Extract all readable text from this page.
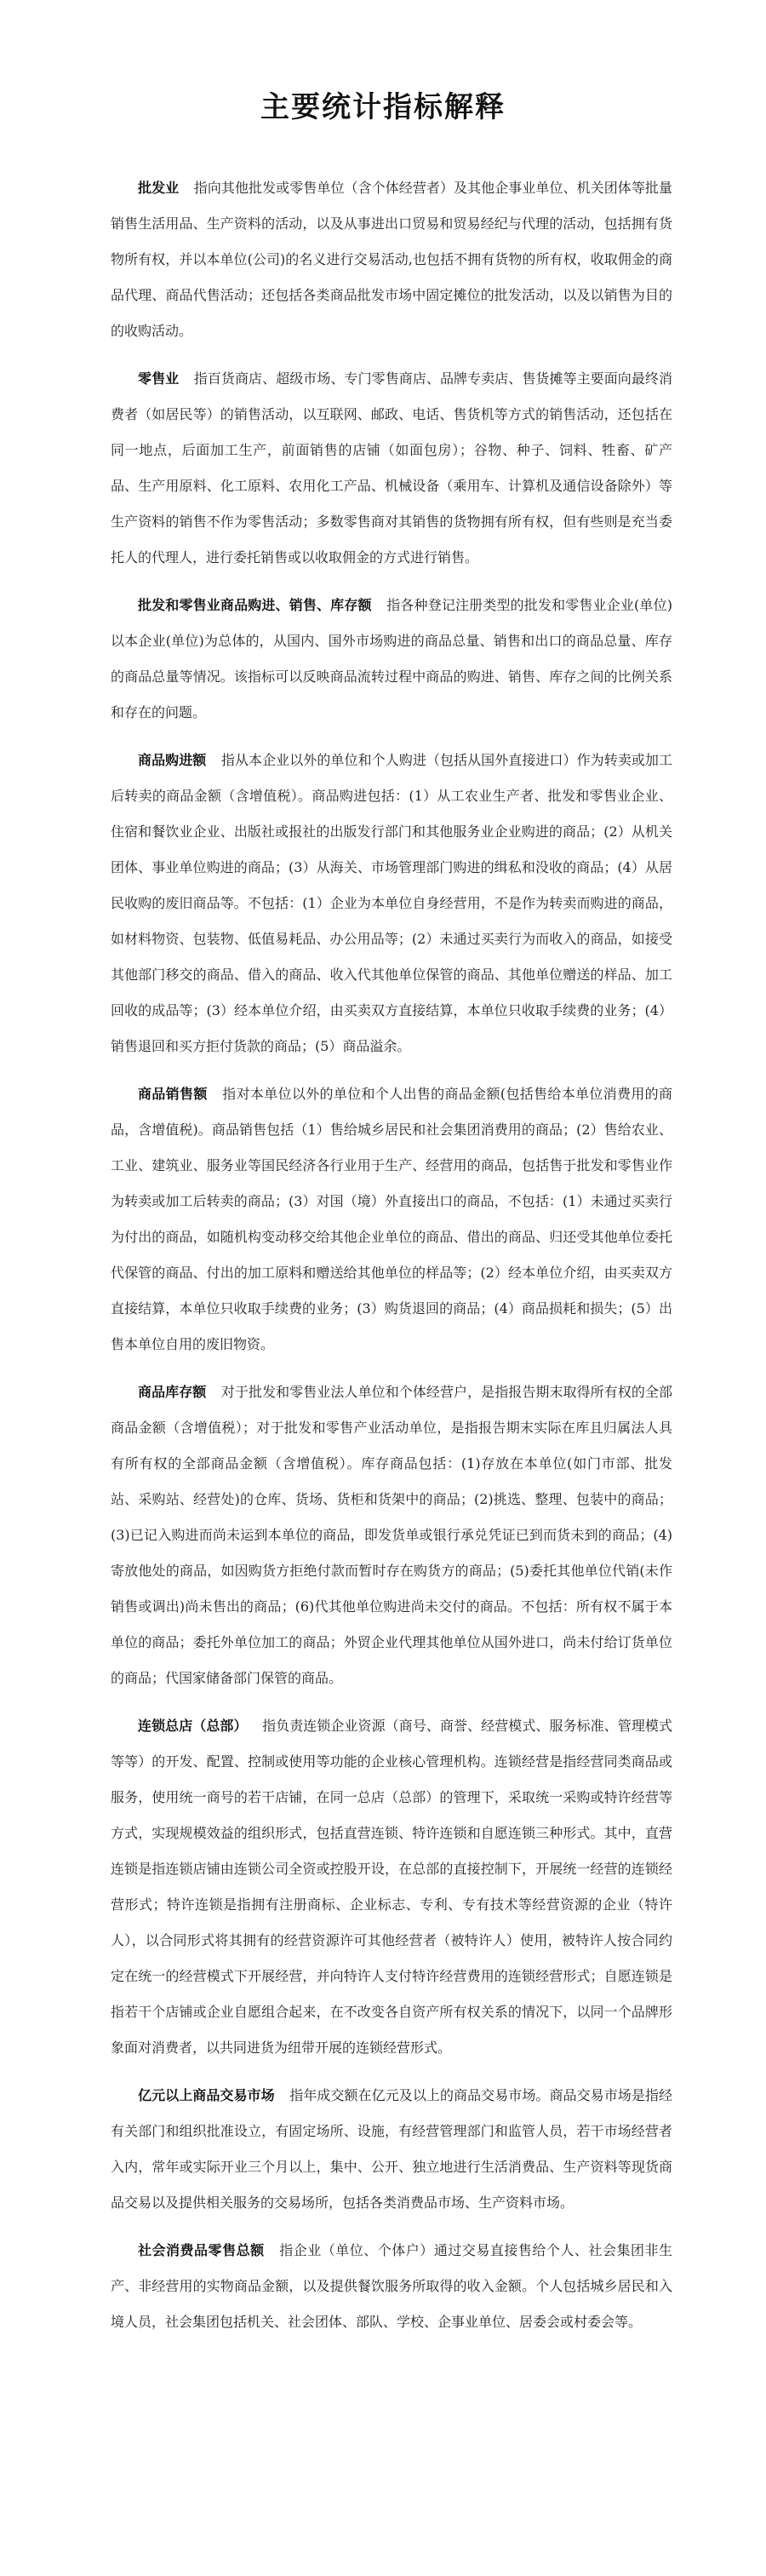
主要统计指标解释

批发业 指向其他批发或零售单位（含个体经营者）及其他企事业单位、机关团体等批量销售生活用品、生产资料的活动，以及从事进出口贸易和贸易经纪与代理的活动，包括拥有货物所有权，并以本单位(公司)的名义进行交易活动,也包括不拥有货物的所有权，收取佣金的商品代理、商品代售活动；还包括各类商品批发市场中固定摊位的批发活动，以及以销售为目的的收购活动。

零售业 指百货商店、超级市场、专门零售商店、品牌专卖店、售货摊等主要面向最终消费者（如居民等）的销售活动，以互联网、邮政、电话、售货机等方式的销售活动，还包括在同一地点，后面加工生产，前面销售的店铺（如面包房）；谷物、种子、饲料、牲畜、矿产品、生产用原料、化工原料、农用化工产品、机械设备（乘用车、计算机及通信设备除外）等生产资料的销售不作为零售活动；多数零售商对其销售的货物拥有所有权，但有些则是充当委托人的代理人，进行委托销售或以收取佣金的方式进行销售。

批发和零售业商品购进、销售、库存额 指各种登记注册类型的批发和零售业企业(单位)以本企业(单位)为总体的，从国内、国外市场购进的商品总量、销售和出口的商品总量、库存的商品总量等情况。该指标可以反映商品流转过程中商品的购进、销售、库存之间的比例关系和存在的问题。

商品购进额 指从本企业以外的单位和个人购进（包括从国外直接进口）作为转卖或加工后转卖的商品金额（含增值税）。商品购进包括：(1）从工农业生产者、批发和零售业企业、住宿和餐饮业企业、出版社或报社的出版发行部门和其他服务业企业购进的商品；(2）从机关团体、事业单位购进的商品；(3）从海关、市场管理部门购进的缉私和没收的商品；(4）从居民收购的废旧商品等。不包括：(1）企业为本单位自身经营用，不是作为转卖而购进的商品，如材料物资、包装物、低值易耗品、办公用品等；(2）未通过买卖行为而收入的商品，如接受其他部门移交的商品、借入的商品、收入代其他单位保管的商品、其他单位赠送的样品、加工回收的成品等；(3）经本单位介绍，由买卖双方直接结算，本单位只收取手续费的业务；(4）销售退回和买方拒付货款的商品；(5）商品溢余。

商品销售额 指对本单位以外的单位和个人出售的商品金额(包括售给本单位消费用的商品，含增值税)。商品销售包括（1）售给城乡居民和社会集团消费用的商品；(2）售给农业、工业、建筑业、服务业等国民经济各行业用于生产、经营用的商品，包括售于批发和零售业作为转卖或加工后转卖的商品；(3）对国（境）外直接出口的商品，不包括：(1）未通过买卖行为付出的商品，如随机构变动移交给其他企业单位的商品、借出的商品、归还受其他单位委托代保管的商品、付出的加工原料和赠送给其他单位的样品等；(2）经本单位介绍，由买卖双方直接结算，本单位只收取手续费的业务；(3）购货退回的商品；(4）商品损耗和损失；(5）出售本单位自用的废旧物资。

商品库存额 对于批发和零售业法人单位和个体经营户，是指报告期末取得所有权的全部商品金额（含增值税）；对于批发和零售产业活动单位，是指报告期末实际在库且归属法人具有所有权的全部商品金额（含增值税）。库存商品包括：(1)存放在本单位(如门市部、批发站、采购站、经营处)的仓库、货场、货柜和货架中的商品；(2)挑选、整理、包装中的商品；(3)已记入购进而尚未运到本单位的商品，即发货单或银行承兑凭证已到而货未到的商品；(4)寄放他处的商品，如因购货方拒绝付款而暂时存在购货方的商品；(5)委托其他单位代销(未作销售或调出)尚未售出的商品；(6)代其他单位购进尚未交付的商品。不包括：所有权不属于本单位的商品；委托外单位加工的商品；外贸企业代理其他单位从国外进口，尚未付给订货单位的商品；代国家储备部门保管的商品。

连锁总店（总部） 指负责连锁企业资源（商号、商誉、经营模式、服务标准、管理模式等等）的开发、配置、控制或使用等功能的企业核心管理机构。连锁经营是指经营同类商品或服务，使用统一商号的若干店铺，在同一总店（总部）的管理下，采取统一采购或特许经营等方式，实现规模效益的组织形式，包括直营连锁、特许连锁和自愿连锁三种形式。其中，直营连锁是指连锁店铺由连锁公司全资或控股开设，在总部的直接控制下，开展统一经营的连锁经营形式；特许连锁是指拥有注册商标、企业标志、专利、专有技术等经营资源的企业（特许人），以合同形式将其拥有的经营资源许可其他经营者（被特许人）使用，被特许人按合同约定在统一的经营模式下开展经营，并向特许人支付特许经营费用的连锁经营形式；自愿连锁是指若干个店铺或企业自愿组合起来，在不改变各自资产所有权关系的情况下，以同一个品牌形象面对消费者，以共同进货为纽带开展的连锁经营形式。

亿元以上商品交易市场 指年成交额在亿元及以上的商品交易市场。商品交易市场是指经有关部门和组织批准设立，有固定场所、设施，有经营管理部门和监管人员，若干市场经营者入内，常年或实际开业三个月以上，集中、公开、独立地进行生活消费品、生产资料等现货商品交易以及提供相关服务的交易场所，包括各类消费品市场、生产资料市场。

社会消费品零售总额 指企业（单位、个体户）通过交易直接售给个人、社会集团非生产、非经营用的实物商品金额，以及提供餐饮服务所取得的收入金额。个人包括城乡居民和入境人员，社会集团包括机关、社会团体、部队、学校、企事业单位、居委会或村委会等。
